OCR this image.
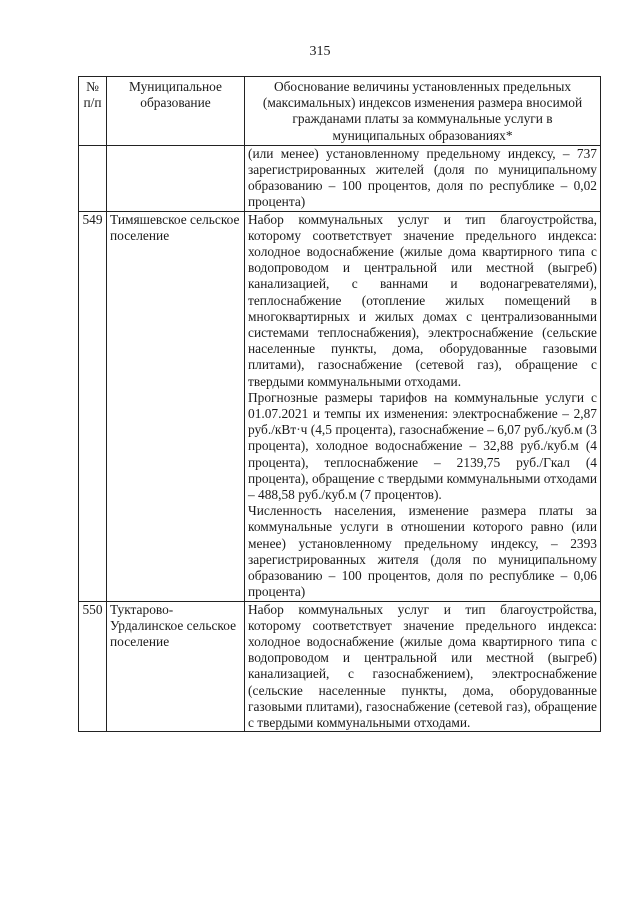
315
№ п/п	Муниципальное образование	Обоснование величины установленных предельных (максимальных) индексов изменения размера вносимой гражданами платы за коммунальные услуги в муниципальных образованиях*

		(или менее) установленному предельному индексу, – 737 зарегистрированных жителей (доля по муниципальному образованию – 100 процентов, доля по республике – 0,02 процента)

549	Тимяшевское сельское поселение	Набор коммунальных услуг и тип благоустройства, которому соответствует значение предельного индекса: холодное водоснабжение (жилые дома квартирного типа с водопроводом и центральной или местной (выгреб) канализацией, с ваннами и водонагревателями), теплоснабжение (отопление жилых помещений в многоквартирных и жилых домах с централизованными системами теплоснабжения), электроснабжение (сельские населенные пункты, дома, оборудованные газовыми плитами), газоснабжение (сетевой газ), обращение с твердыми коммунальными отходами.
Прогнозные размеры тарифов на коммунальные услуги с 01.07.2021 и темпы их изменения: электроснабжение – 2,87 руб./кВт·ч (4,5 процента), газоснабжение – 6,07 руб./куб.м (3 процента), холодное водоснабжение – 32,88 руб./куб.м (4 процента), теплоснабжение – 2139,75 руб./Гкал (4 процента), обращение с твердыми коммунальными отходами – 488,58 руб./куб.м (7 процентов).
Численность населения, изменение размера платы за коммунальные услуги в отношении которого равно (или менее) установленному предельному индексу, – 2393 зарегистрированных жителя (доля по муниципальному образованию – 100 процентов, доля по республике – 0,06 процента)

550	Туктарово-Урдалинское сельское поселение	Набор коммунальных услуг и тип благоустройства, которому соответствует значение предельного индекса: холодное водоснабжение (жилые дома квартирного типа с водопроводом и центральной или местной (выгреб) канализацией, с газоснабжением), электроснабжение (сельские населенные пункты, дома, оборудованные газовыми плитами), газоснабжение (сетевой газ), обращение с твердыми коммунальными отходами.
